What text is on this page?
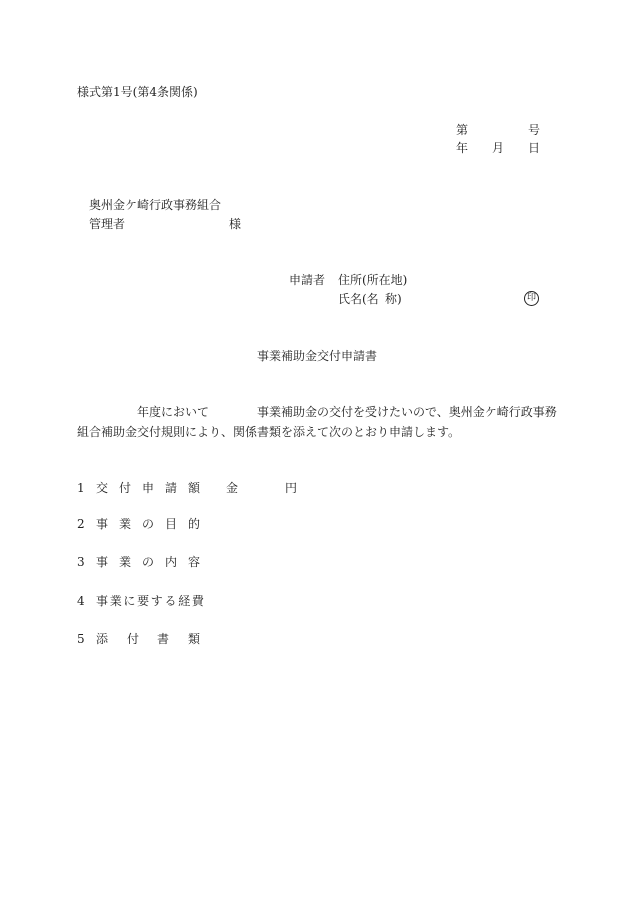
様式第1号(第4条関係)
第	号
年 月 日
奥州金ケ崎行政事務組合
管理者	様
申請者 住所(所在地)
氏名(名 称)	印
事業補助金交付申請書
年度において	事業補助金の交付を受けたいので、奥州金ケ崎行政事務
組合補助金交付規則により、関係書類を添えて次のとおり申請します。
1 交 付 申 請 額 金	円
2 事 業 の 目 的
3 事 業 の 内 容
4 事業に要する経費
5 添 付 書 類
